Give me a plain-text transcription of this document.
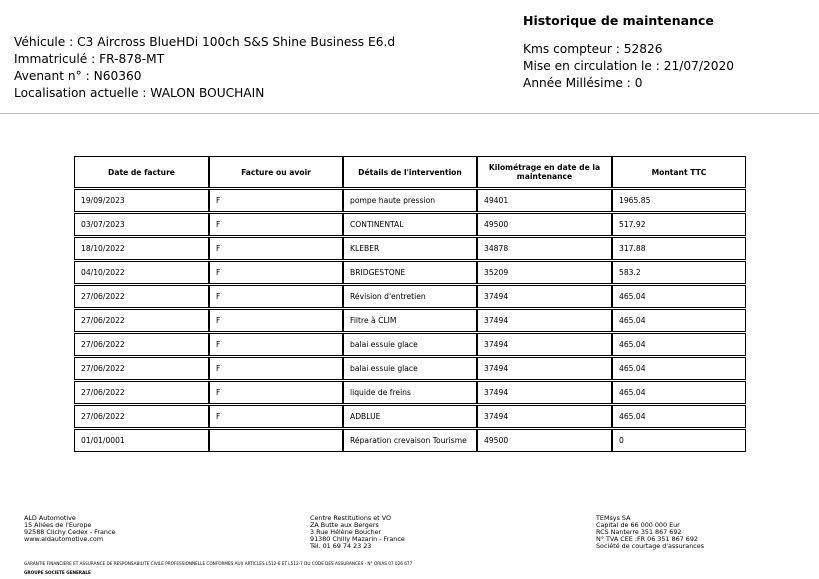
Véhicule : C3 Aircross BlueHDi 100ch S&S Shine Business E6.d
Immatriculé : FR-878-MT
Avenant n° : N60360
Localisation actuelle : WALON BOUCHAIN
Historique de maintenance
Kms compteur : 52826
Mise en circulation le : 21/07/2020
Année Millésime : 0
Date de facture	Facture ou avoir	Détails de l'intervention	Kilométrage en date de la maintenance	Montant TTC

19/09/2023	F	pompe haute pression	49401	1965.85

03/07/2023	F	CONTINENTAL	49500	517.92

18/10/2022	F	KLEBER	34878	317.88

04/10/2022	F	BRIDGESTONE	35209	583.2

27/06/2022	F	Révision d'entretien	37494	465.04

27/06/2022	F	Filtre à CLIM	37494	465.04

27/06/2022	F	balai essuie glace	37494	465.04

27/06/2022	F	balai essuie glace	37494	465.04

27/06/2022	F	liquide de freins	37494	465.04

27/06/2022	F	ADBLUE	37494	465.04

01/01/0001		Réparation crevaison Tourisme	49500	0
ALD Automotive
15 Allées de l'Europe
92588 Clichy Cedex - France
www.aldautomotive.com
Centre Restitutions et VO
ZA Butte aux Bergers
3 Rue Hélène Boucher
91380 Chilly Mazarin - France
Tél. 01 69 74 23 23
TEMsys SA
Capital de 66 000 000 Eur
RCS Nanterre 351 867 692
N° TVA CEE :FR 06 351 867 692
Société de courtage d'assurances
GARANTIE FINANCIERE ET ASSURANCE DE RESPONSABILITE CIVILE PROFESSIONNELLE CONFORMES AUX ARTICLES L512-6 ET L512-7 DU CODE DES ASSURANCES - N° ORIAS 07 026 677
GROUPE SOCIETE GENERALE
